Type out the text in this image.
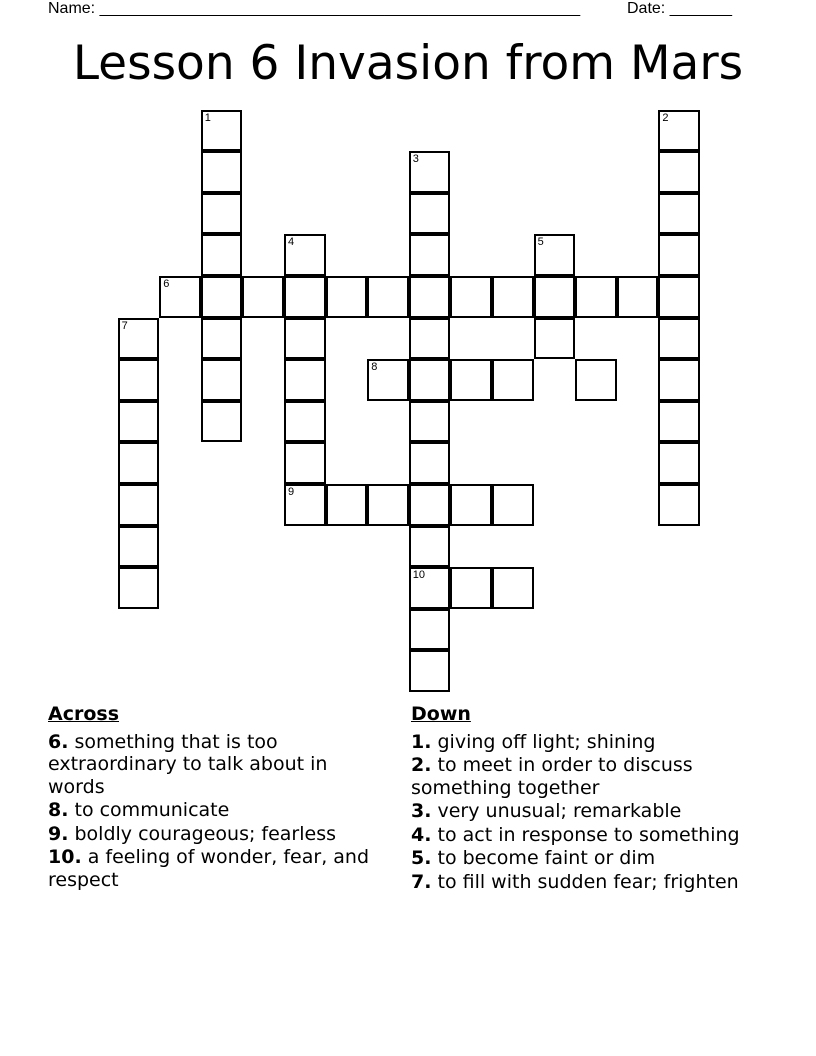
Name: ______________________________________________________	Date: _______
Lesson 6 Invasion from Mars
1	2
3
10
4
9
5
6
7
8
Across
6. something that is too extraordinary to talk about in words
8. to communicate
9. boldly courageous; fearless
10. a feeling of wonder, fear, and respect
Down
1. giving off light; shining
2. to meet in order to discuss something together
3. very unusual; remarkable
4. to act in response to something
5. to become faint or dim
7. to fill with sudden fear; frighten
